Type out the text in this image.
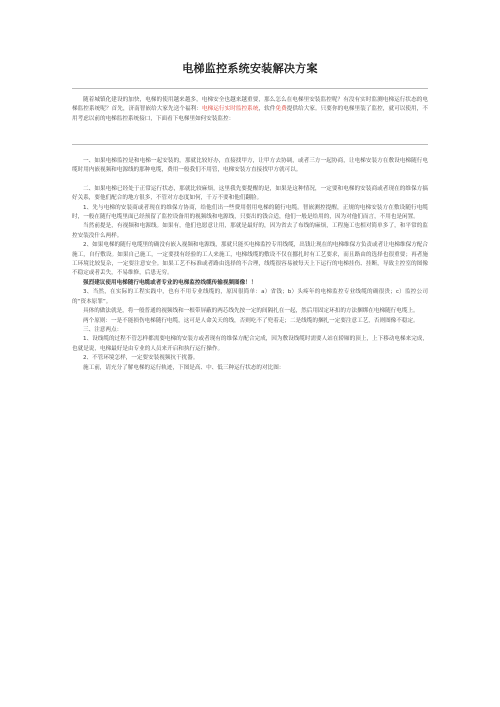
电梯监控系统安装解决方案

随着城镇化建设的加快，电梯的使用越来越多，电梯安全也越来越重要，那么怎么在电梯里安装监控呢？有没有实时监测电梯运行状态的电梯监控系统呢？首先，济南智嵌给大家先送个福利：电梯运行实时监控系统，软件免费提供给大家。只要你的电梯里装了监控，就可以使用，不用考虑以前的电梯监控系统接口，下面看下电梯里如何安装监控：

一、如果电梯监控是和电梯一起安装的，那就比较好办，直接找甲方，让甲方去协调，或者三方一起协商，让电梯安装方在敷设电梯随行电缆时用内嵌视频和电源线的那种电缆，费用一般我们不用管，电梯安装方直接找甲方就可以。

二、如果电梯已经处于正常运行状态，那就比较麻烦，这里我先要提醒的是，如果是这种情况，一定要和电梯的安装商或者现在的维保方搞好关系，要他们配合的地方很多，不管对方态度如何，千万不要和他们翻脸。

1、先与电梯的安装商或者现在的维保方协商，给他们出一些费用借用电梯的随行电缆。智嵌测控提醒，正规的电梯安装方在敷设随行电缆时，一般在随行电缆里面已经预留了监控设备用的视频线和电源线，只要出的钱合适，他们一般是给用的，因为对他们而言，不用也是闲置。

当然前提是，有视频和电源线。如果有，他们也愿意让用，那就是最好的，因为省去了布线的麻烦，工程施工也相对简单多了，和平常的监控安装没什么两样。

2、如果电梯的随行电缆里的确没有嵌入视频和电源线，那就只能买电梯监控专用线缆，出钱让现在的电梯维保方负责或者让电梯维保方配合施工，自行敷设。如果自己施工，一定要找有经验的工人来施工，电梯线缆的敷设不仅在挪扎时有工艺要求，而且路由的选择也很重要；再者施工环境比较复杂，一定要注意安全。如果工艺不标准或者路由选择的不合理，线缆很容易被每天上下运行的电梯挂伤、挂断，导致主控室的图像不稳定或者丢失，不易维修，后患无穷。

强烈建议使用电梯随行电缆或者专业的电梯监控线缆传输视频图像！！

3、当然，在实际的工程实践中，也有不用专业线缆的，原因很简单：a）省钱；b）头疼年的电梯监控专业线缆的确很贵；c）监控公司的“资本原罪”。

具体的做法就是，将一般普通的视频线和一根带屏蔽的两芯线先按一定的间隔扎在一起，然后用固定环扣的方法捆绑在电梯随行电缆上。

两个原则：一是不能损伤电梯随行电缆，这可是人命关天的线，否则吃不了兜着走；二是线缆的捆扎一定要注意工艺，否则图像不稳定。

三、注意两点：

1、设线缆的过程不管怎样都需要电梯的安装方或者现有的维保方配合完成，因为敷设线缆时需要人站在轿厢的顶上，上下移动电梯来完成，也就是说，电梯最好是由专业的人员来开启和执行运行操作。

2、不管环境怎样，一定要安装视频抗干扰器。

施工前，请充分了解电梯的运行轨迹，下图是高、中、低三种运行状态的对比图：
